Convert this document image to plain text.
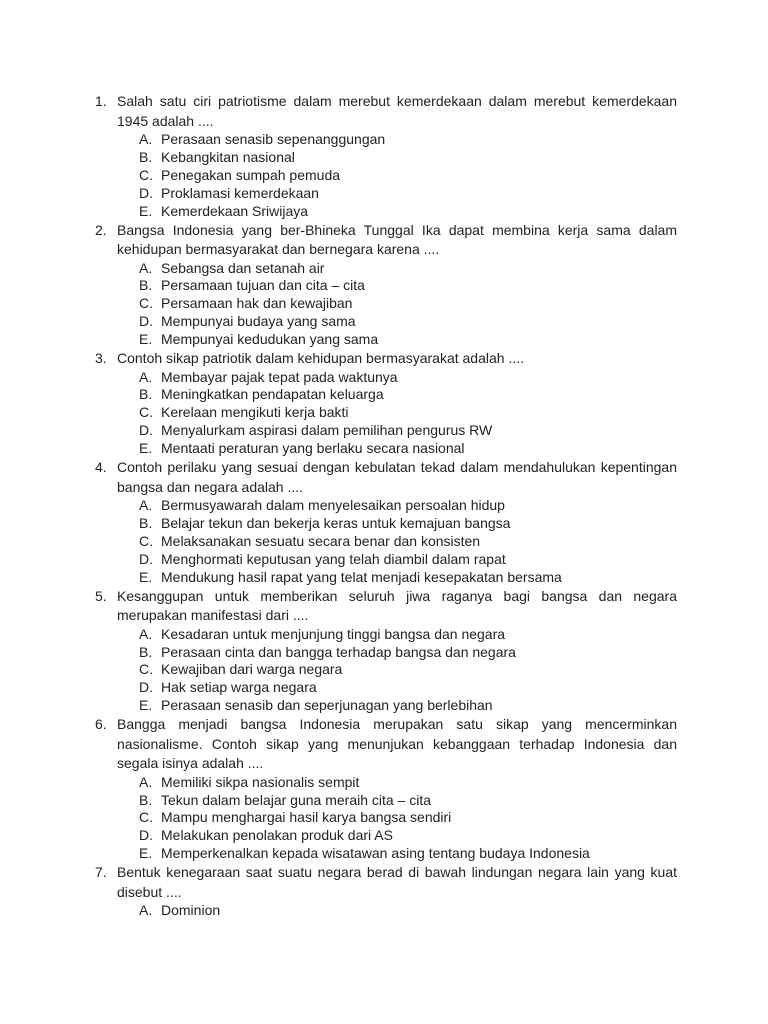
1. Salah satu ciri patriotisme dalam merebut kemerdekaan dalam merebut kemerdekaan 1945 adalah ....
A. Perasaan senasib sepenanggungan
B. Kebangkitan nasional
C. Penegakan sumpah pemuda
D. Proklamasi kemerdekaan
E. Kemerdekaan Sriwijaya
2. Bangsa Indonesia yang ber-Bhineka Tunggal Ika dapat membina kerja sama dalam kehidupan bermasyarakat dan bernegara karena ....
A. Sebangsa dan setanah air
B. Persamaan tujuan dan cita – cita
C. Persamaan hak dan kewajiban
D. Mempunyai budaya yang sama
E. Mempunyai kedudukan yang sama
3. Contoh sikap patriotik dalam kehidupan bermasyarakat adalah ....
A. Membayar pajak tepat pada waktunya
B. Meningkatkan pendapatan keluarga
C. Kerelaan mengikuti kerja bakti
D. Menyalurkam aspirasi dalam pemilihan pengurus RW
E. Mentaati peraturan yang berlaku secara nasional
4. Contoh perilaku yang sesuai dengan kebulatan tekad dalam mendahulukan kepentingan bangsa dan negara adalah ....
A. Bermusyawarah dalam menyelesaikan persoalan hidup
B. Belajar tekun dan bekerja keras untuk kemajuan bangsa
C. Melaksanakan sesuatu secara benar dan konsisten
D. Menghormati keputusan yang telah diambil dalam rapat
E. Mendukung hasil rapat yang telat menjadi kesepakatan bersama
5. Kesanggupan untuk memberikan seluruh jiwa raganya bagi bangsa dan negara merupakan manifestasi dari ....
A. Kesadaran untuk menjunjung tinggi bangsa dan negara
B. Perasaan cinta dan bangga terhadap bangsa dan negara
C. Kewajiban dari warga negara
D. Hak setiap warga negara
E. Perasaan senasib dan seperjunagan yang berlebihan
6. Bangga menjadi bangsa Indonesia merupakan satu sikap yang mencerminkan nasionalisme. Contoh sikap yang menunjukan kebanggaan terhadap Indonesia dan segala isinya adalah ....
A. Memiliki sikpa nasionalis sempit
B. Tekun dalam belajar guna meraih cita – cita
C. Mampu menghargai hasil karya bangsa sendiri
D. Melakukan penolakan produk dari AS
E. Memperkenalkan kepada wisatawan asing tentang budaya Indonesia
7. Bentuk kenegaraan saat suatu negara berad di bawah lindungan negara lain yang kuat disebut ....
A. Dominion
